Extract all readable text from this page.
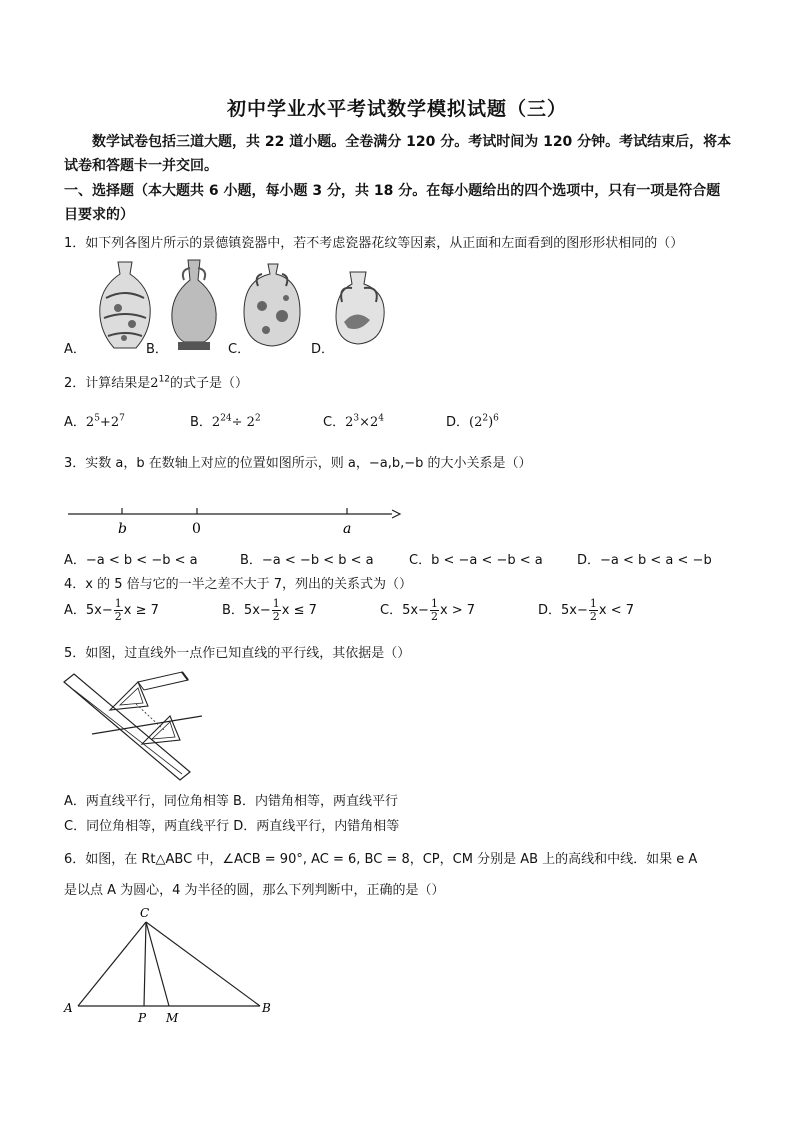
初中学业水平考试数学模拟试题（三）
数学试卷包括三道大题，共 22 道小题。全卷满分 120 分。考试时间为 120 分钟。考试结束后，将本试卷和答题卡一并交回。
一、选择题（本大题共 6 小题，每小题 3 分，共 18 分。在每小题给出的四个选项中，只有一项是符合题目要求的）
1．如下列各图片所示的景德镇瓷器中，若不考虑瓷器花纹等因素，从正面和左面看到的图形形状相同的（）
A．	B．	C．	D．
2．计算结果是$2^{12}$的式子是（）
A．$2^5+2^7$	B．$2^{24}\div 2^2$	C．$2^3\times 2^4$	D．$(2^2)^6$
3．实数 a，b 在数轴上对应的位置如图所示，则 a，−a,b,−b 的大小关系是（）
b	0	a
A．−a < b < −b < a	B．−a < −b < b < a	C．b < −a < −b < a	D．−a < b < a < −b
4．x 的 5 倍与它的一半之差不大于 7，列出的关系式为（）
A．$5x- \frac{1}{2}$ x ≥ 7	B．$5x- \frac{1}{2}$ x ≤ 7	C．$5x- \frac{1}{2}$ x > 7	D．$5x- \frac{1}{2}$ x < 7
5．如图，过直线外一点作已知直线的平行线，其依据是（）
A．两直线平行，同位角相等 B．内错角相等，两直线平行
C．同位角相等，两直线平行 D．两直线平行，内错角相等
6．如图，在 Rt△ABC 中，∠ACB = 90°, AC = 6, BC = 8，CP，CM 分别是 AB 上的高线和中线．如果 e A
是以点 A 为圆心，4 为半径的圆，那么下列判断中，正确的是（）
C
A
P M
B
